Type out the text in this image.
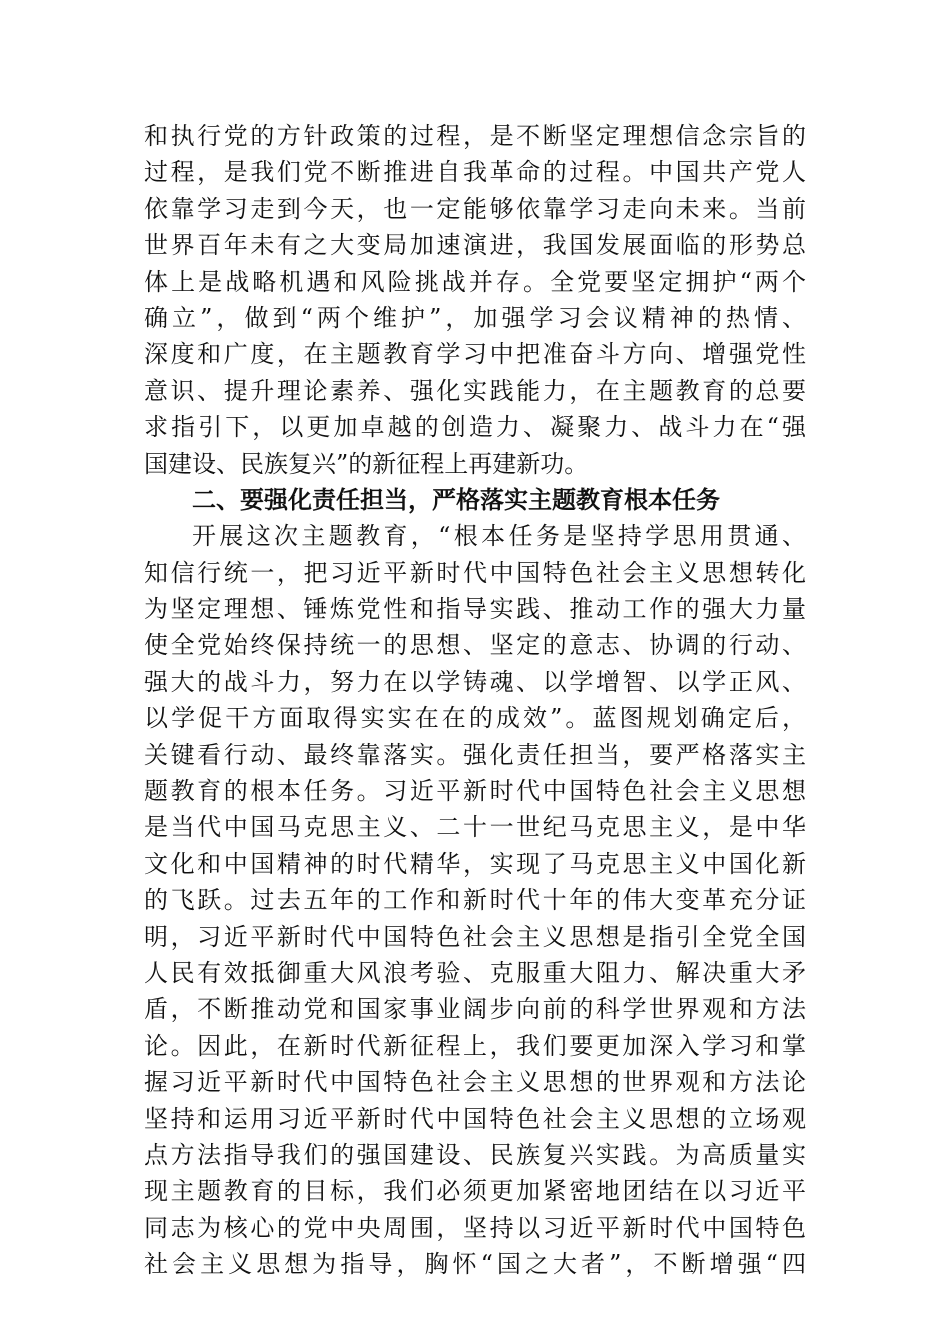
和执行党的方针政策的过程，是不断坚定理想信念宗旨的
过程，是我们党不断推进自我革命的过程。中国共产党人
依靠学习走到今天，也一定能够依靠学习走向未来。当前
世界百年未有之大变局加速演进，我国发展面临的形势总
体上是战略机遇和风险挑战并存。全党要坚定拥护“两个
确立”，做到“两个维护”，加强学习会议精神的热情、
深度和广度，在主题教育学习中把准奋斗方向、增强党性
意识、提升理论素养、强化实践能力，在主题教育的总要
求指引下，以更加卓越的创造力、凝聚力、战斗力在“强
国建设、民族复兴”的新征程上再建新功。
二、要强化责任担当，严格落实主题教育根本任务
开展这次主题教育，“根本任务是坚持学思用贯通、
知信行统一，把习近平新时代中国特色社会主义思想转化
为坚定理想、锤炼党性和指导实践、推动工作的强大力量
使全党始终保持统一的思想、坚定的意志、协调的行动、
强大的战斗力，努力在以学铸魂、以学增智、以学正风、
以学促干方面取得实实在在的成效”。蓝图规划确定后，
关键看行动、最终靠落实。强化责任担当，要严格落实主
题教育的根本任务。习近平新时代中国特色社会主义思想
是当代中国马克思主义、二十一世纪马克思主义，是中华
文化和中国精神的时代精华，实现了马克思主义中国化新
的飞跃。过去五年的工作和新时代十年的伟大变革充分证
明，习近平新时代中国特色社会主义思想是指引全党全国
人民有效抵御重大风浪考验、克服重大阻力、解决重大矛
盾，不断推动党和国家事业阔步向前的科学世界观和方法
论。因此，在新时代新征程上，我们要更加深入学习和掌
握习近平新时代中国特色社会主义思想的世界观和方法论
坚持和运用习近平新时代中国特色社会主义思想的立场观
点方法指导我们的强国建设、民族复兴实践。为高质量实
现主题教育的目标，我们必须更加紧密地团结在以习近平
同志为核心的党中央周围，坚持以习近平新时代中国特色
社会主义思想为指导，胸怀“国之大者”，不断增强“四
